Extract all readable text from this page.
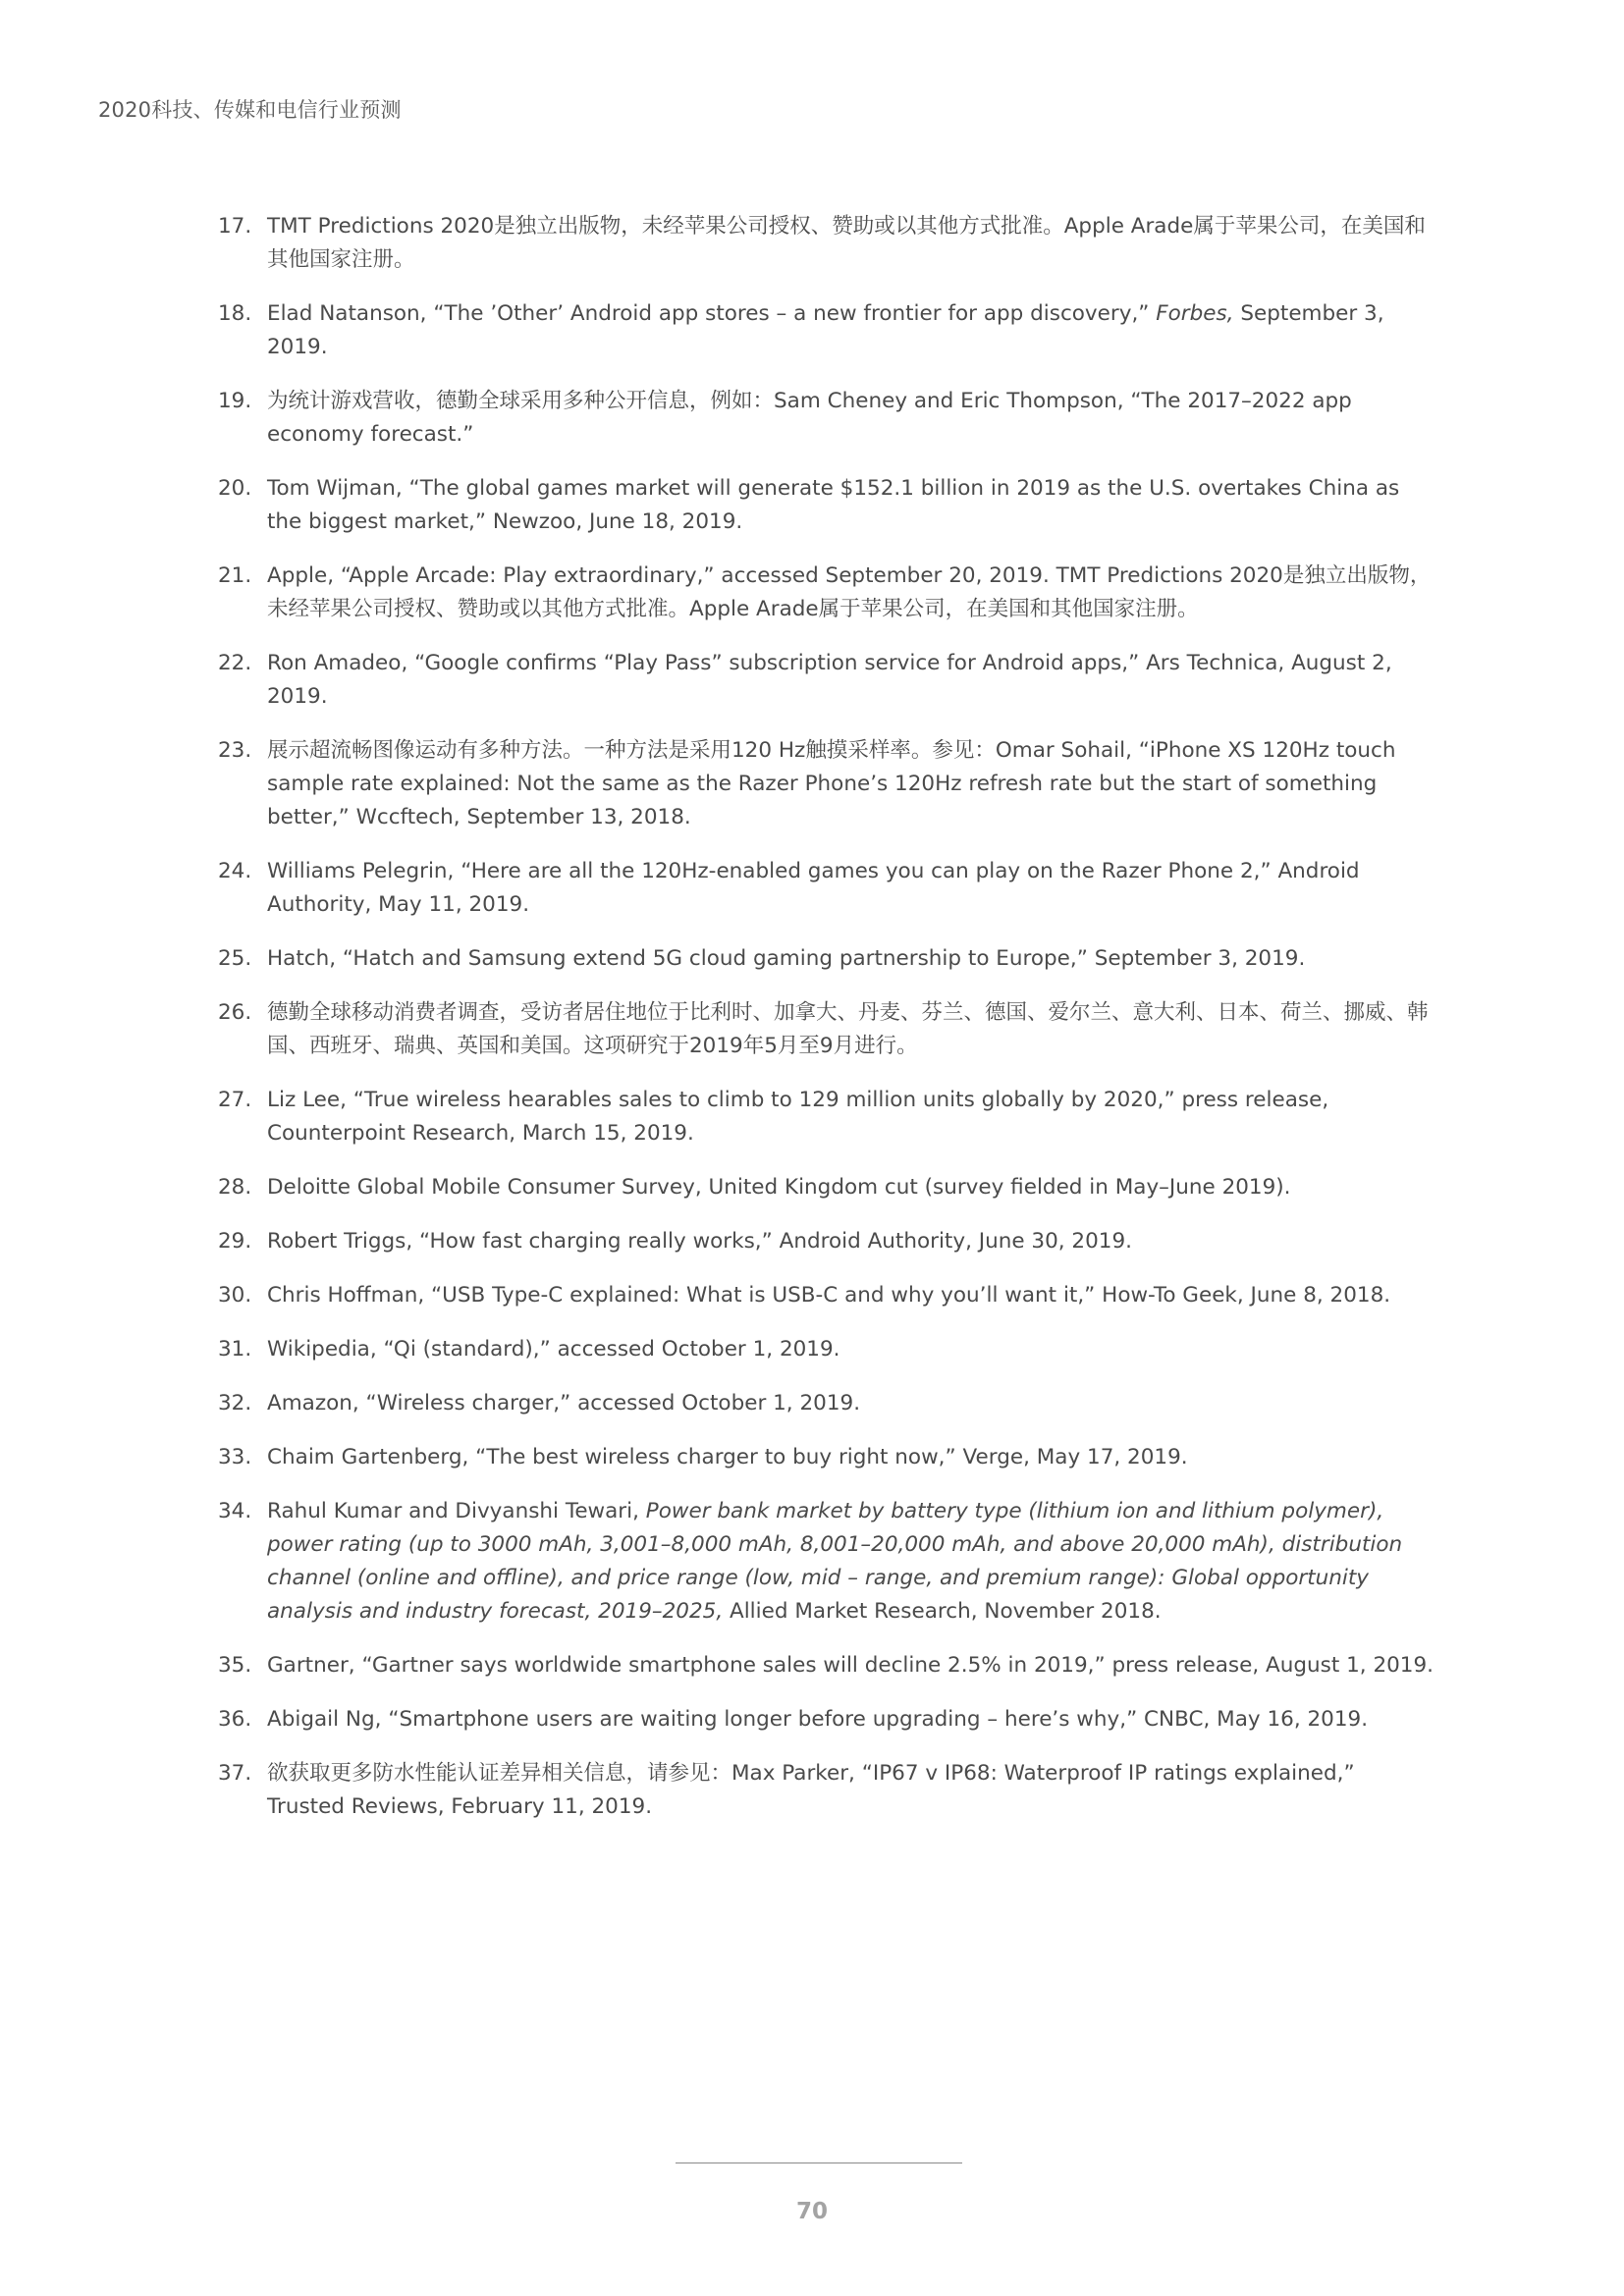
2020科技、传媒和电信行业预测
17. TMT Predictions 2020是独立出版物，未经苹果公司授权、赞助或以其他方式批准。Apple Arade属于苹果公司，在美国和其他国家注册。
18. Elad Natanson, “The ’Other’ Android app stores – a new frontier for app discovery,” Forbes, September 3, 2019.
19. 为统计游戏营收，德勤全球采用多种公开信息，例如：Sam Cheney and Eric Thompson, “The 2017–2022 app economy forecast.”
20. Tom Wijman, “The global games market will generate $152.1 billion in 2019 as the U.S. overtakes China as the biggest market,” Newzoo, June 18, 2019.
21. Apple, “Apple Arcade: Play extraordinary,” accessed September 20, 2019. TMT Predictions 2020是独立出版物，未经苹果公司授权、赞助或以其他方式批准。Apple Arade属于苹果公司，在美国和其他国家注册。
22. Ron Amadeo, “Google confirms “Play Pass” subscription service for Android apps,” Ars Technica, August 2, 2019.
23. 展示超流畅图像运动有多种方法。一种方法是采用120 Hz触摸采样率。参见：Omar Sohail, “iPhone XS 120Hz touch sample rate explained: Not the same as the Razer Phone’s 120Hz refresh rate but the start of something better,” Wccftech, September 13, 2018.
24. Williams Pelegrin, “Here are all the 120Hz-enabled games you can play on the Razer Phone 2,” Android Authority, May 11, 2019.
25. Hatch, “Hatch and Samsung extend 5G cloud gaming partnership to Europe,” September 3, 2019.
26. 德勤全球移动消费者调查，受访者居住地位于比利时、加拿大、丹麦、芬兰、德国、爱尔兰、意大利、日本、荷兰、挪威、韩国、西班牙、瑞典、英国和美国。这项研究于2019年5月至9月进行。
27. Liz Lee, “True wireless hearables sales to climb to 129 million units globally by 2020,” press release, Counterpoint Research, March 15, 2019.
28. Deloitte Global Mobile Consumer Survey, United Kingdom cut (survey fielded in May–June 2019).
29. Robert Triggs, “How fast charging really works,” Android Authority, June 30, 2019.
30. Chris Hoffman, “USB Type-C explained: What is USB-C and why you’ll want it,” How-To Geek, June 8, 2018.
31. Wikipedia, “Qi (standard),” accessed October 1, 2019.
32. Amazon, “Wireless charger,” accessed October 1, 2019.
33. Chaim Gartenberg, “The best wireless charger to buy right now,” Verge, May 17, 2019.
34. Rahul Kumar and Divyanshi Tewari, Power bank market by battery type (lithium ion and lithium polymer), power rating (up to 3000 mAh, 3,001–8,000 mAh, 8,001–20,000 mAh, and above 20,000 mAh), distribution channel (online and offline), and price range (low, mid – range, and premium range): Global opportunity analysis and industry forecast, 2019–2025, Allied Market Research, November 2018.
35. Gartner, “Gartner says worldwide smartphone sales will decline 2.5% in 2019,” press release, August 1, 2019.
36. Abigail Ng, “Smartphone users are waiting longer before upgrading – here’s why,” CNBC, May 16, 2019.
37. 欲获取更多防水性能认证差异相关信息，请参见：Max Parker, “IP67 v IP68: Waterproof IP ratings explained,” Trusted Reviews, February 11, 2019.
70
